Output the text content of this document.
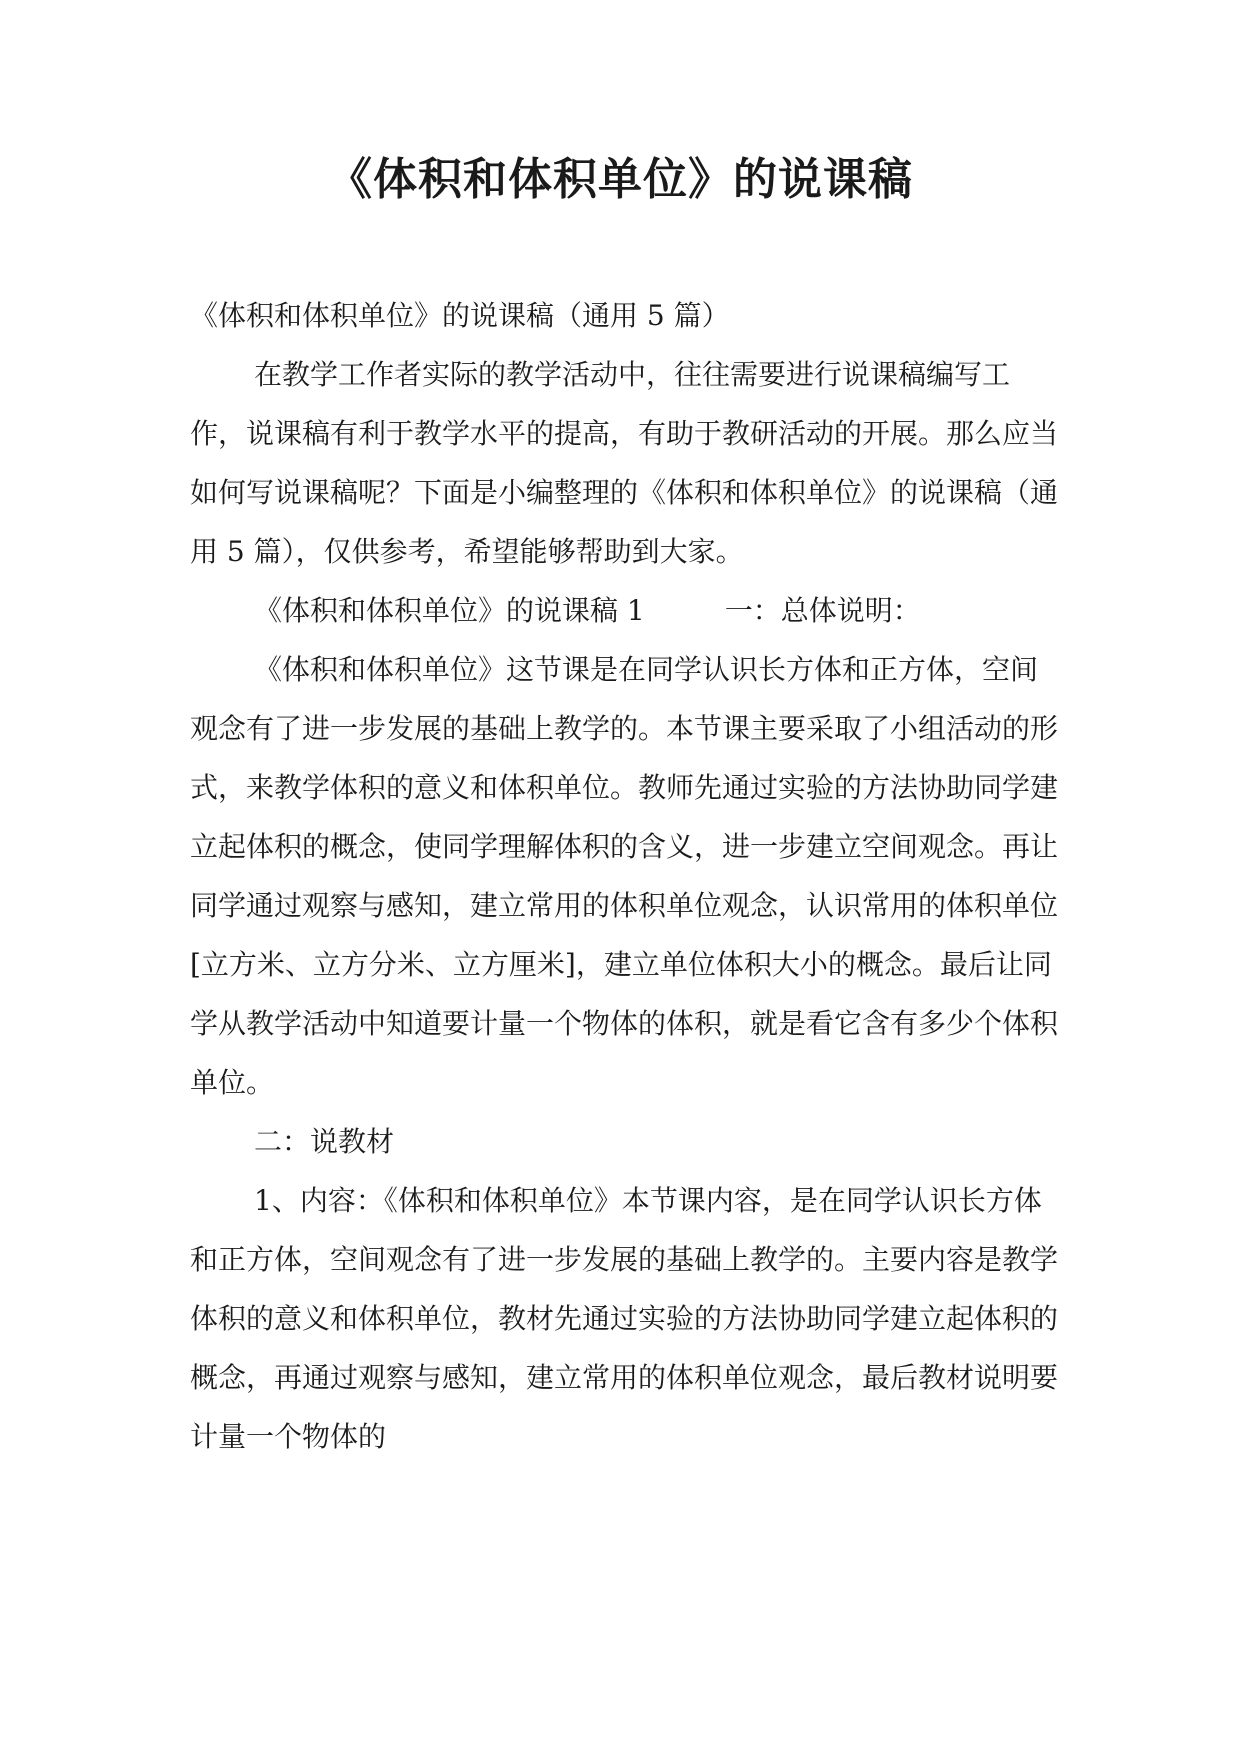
《体积和体积单位》的说课稿

《体积和体积单位》的说课稿（通用 5 篇）

在教学工作者实际的教学活动中，往往需要进行说课稿编写工作，说课稿有利于教学水平的提高，有助于教研活动的开展。那么应当如何写说课稿呢？下面是小编整理的《体积和体积单位》的说课稿（通用 5 篇），仅供参考，希望能够帮助到大家。

《体积和体积单位》的说课稿 1	一：总体说明：

《体积和体积单位》这节课是在同学认识长方体和正方体，空间观念有了进一步发展的基础上教学的。本节课主要采取了小组活动的形式，来教学体积的意义和体积单位。教师先通过实验的方法协助同学建立起体积的概念，使同学理解体积的含义，进一步建立空间观念。再让同学通过观察与感知，建立常用的体积单位观念，认识常用的体积单位[立方米、立方分米、立方厘米]，建立单位体积大小的概念。最后让同学从教学活动中知道要计量一个物体的体积，就是看它含有多少个体积单位。

二：说教材

1、内容：《体积和体积单位》本节课内容，是在同学认识长方体和正方体，空间观念有了进一步发展的基础上教学的。主要内容是教学体积的意义和体积单位，教材先通过实验的方法协助同学建立起体积的概念，再通过观察与感知，建立常用的体积单位观念，最后教材说明要计量一个物体的
